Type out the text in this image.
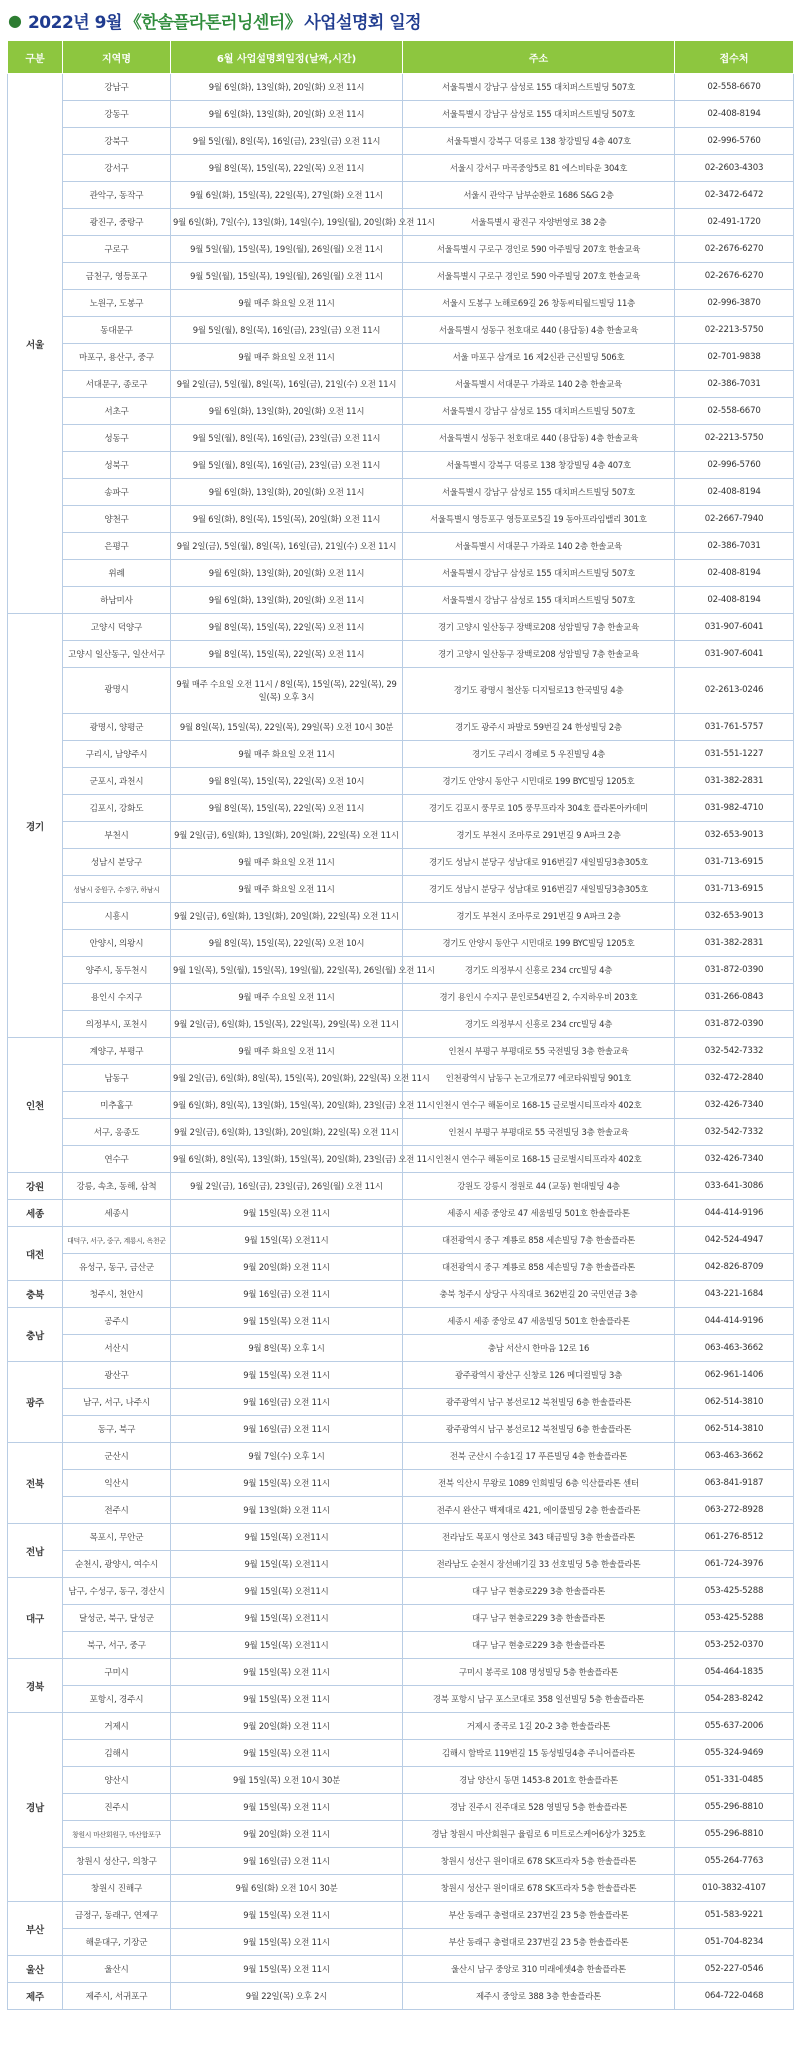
● 2022년 9월 《한솔플라톤러닝센터》 사업설명회 일정
구분	지역명	6월 사업설명회일정(날짜,시간)	주소	접수처
서울	강남구	9월 6일(화), 13일(화), 20일(화) 오전 11시	서울특별시 강남구 삼성로 155 대치퍼스트빌딩 507호	02-558-6670
	강동구	9월 6일(화), 13일(화), 20일(화) 오전 11시	서울특별시 강남구 삼성로 155 대치퍼스트빌딩 507호	02-408-8194
	강북구	9월 5일(월), 8일(목), 16일(금), 23일(금) 오전 11시	서울특별시 강북구 덕릉로 138 창강빌딩 4층 407호	02-996-5760
	강서구	9월 8일(목), 15일(목), 22일(목) 오전 11시	서울시 강서구 마곡중앙5로 81 에스비타운 304호	02-2603-4303
	관악구, 동작구	9월 6일(화), 15일(목), 22일(목), 27일(화) 오전 11시	서울시 관악구 남부순환로 1686 S&G 2층	02-3472-6472
	광진구, 중랑구	9월 6일(화), 7일(수), 13일(화), 14일(수), 19일(월), 20일(화) 오전 11시	서울특별시 광진구 자양번영로 38 2층	02-491-1720
	구로구	9월 5일(월), 15일(목), 19일(월), 26일(월) 오전 11시	서울특별시 구로구 경인로 590 아주빌딩 207호 한솔교육	02-2676-6270
	금천구, 영등포구	9월 5일(월), 15일(목), 19일(월), 26일(월) 오전 11시	서울특별시 구로구 경인로 590 아주빌딩 207호 한솔교육	02-2676-6270
	노원구, 도봉구	9월 매주 화요일 오전 11시	서울시 도봉구 노해로69길 26 창동씨티월드빌딩 11층	02-996-3870
	동대문구	9월 5일(월), 8일(목), 16일(금), 23일(금) 오전 11시	서울특별시 성동구 천호대로 440 (용답동) 4층 한솔교육	02-2213-5750
	마포구, 용산구, 중구	9월 매주 화요일 오전 11시	서울 마포구 삼개로 16 제2신관 근신빌딩 506호	02-701-9838
	서대문구, 종로구	9월 2일(금), 5일(월), 8일(목), 16일(금), 21일(수) 오전 11시	서울특별시 서대문구 가좌로 140 2층 한솔교육	02-386-7031
	서초구	9월 6일(화), 13일(화), 20일(화) 오전 11시	서울특별시 강남구 삼성로 155 대치퍼스트빌딩 507호	02-558-6670
	성동구	9월 5일(월), 8일(목), 16일(금), 23일(금) 오전 11시	서울특별시 성동구 천호대로 440 (용답동) 4층 한솔교육	02-2213-5750
	성북구	9월 5일(월), 8일(목), 16일(금), 23일(금) 오전 11시	서울특별시 강북구 덕릉로 138 창강빌딩 4층 407호	02-996-5760
	송파구	9월 6일(화), 13일(화), 20일(화) 오전 11시	서울특별시 강남구 삼성로 155 대치퍼스트빌딩 507호	02-408-8194
	양천구	9월 6일(화), 8일(목), 15일(목), 20일(화) 오전 11시	서울특별시 영등포구 영등포로5길 19 동아프라임밸리 301호	02-2667-7940
	은평구	9월 2일(금), 5일(월), 8일(목), 16일(금), 21일(수) 오전 11시	서울특별시 서대문구 가좌로 140 2층 한솔교육	02-386-7031
	위례	9월 6일(화), 13일(화), 20일(화) 오전 11시	서울특별시 강남구 삼성로 155 대치퍼스트빌딩 507호	02-408-8194
	하남미사	9월 6일(화), 13일(화), 20일(화) 오전 11시	서울특별시 강남구 삼성로 155 대치퍼스트빌딩 507호	02-408-8194
경기	고양시 덕양구	9월 8일(목), 15일(목), 22일(목) 오전 11시	경기 고양시 일산동구 장백로208 성암빌딩 7층 한솔교육	031-907-6041
	고양시 일산동구, 일산서구	9월 8일(목), 15일(목), 22일(목) 오전 11시	경기 고양시 일산동구 장백로208 성암빌딩 7층 한솔교육	031-907-6041
	광명시	9월 매주 수요일 오전 11시 / 8일(목), 15일(목), 22일(목), 29일(목) 오후 3시	경기도 광명시 철산동 디지털로13 한국빌딩 4층	02-2613-0246
	광명시, 양평군	9월 8일(목), 15일(목), 22일(목), 29일(목) 오전 10시 30분	경기도 광주시 파발로 59번길 24 한성빌딩 2층	031-761-5757
	구리시, 남양주시	9월 매주 화요일 오전 11시	경기도 구리시 경혜로 5 우진빌딩 4층	031-551-1227
	군포시, 과천시	9월 8일(목), 15일(목), 22일(목) 오전 10시	경기도 안양시 동안구 시민대로 199 BYC빌딩 1205호	031-382-2831
	김포시, 강화도	9월 8일(목), 15일(목), 22일(목) 오전 11시	경기도 김포시 풍무로 105 풍무프라자 304호 플라톤아카데미	031-982-4710
	부천시	9월 2일(금), 6일(화), 13일(화), 20일(화), 22일(목) 오전 11시	경기도 부천시 조마루로 291번길 9 A파크 2층	032-653-9013
	성남시 분당구	9월 매주 화요일 오전 11시	경기도 성남시 분당구 성남대로 916번길7 새일빌딩3층305호	031-713-6915
	성남시 중원구, 수정구, 하남시	9월 매주 화요일 오전 11시	경기도 성남시 분당구 성남대로 916번길7 새일빌딩3층305호	031-713-6915
	시흥시	9월 2일(금), 6일(화), 13일(화), 20일(화), 22일(목) 오전 11시	경기도 부천시 조마루로 291번길 9 A파크 2층	032-653-9013
	안양시, 의왕시	9월 8일(목), 15일(목), 22일(목) 오전 10시	경기도 안양시 동안구 시민대로 199 BYC빌딩 1205호	031-382-2831
	양주시, 동두천시	9월 1일(목), 5일(월), 15일(목), 19일(월), 22일(목), 26일(월) 오전 11시	경기도 의정부시 신흥로 234 crc빌딩 4층	031-872-0390
	용인시 수지구	9월 매주 수요일 오전 11시	경기 용인시 수지구 문인로54번길 2, 수지하우비 203호	031-266-0843
	의정부시, 포천시	9월 2일(금), 6일(화), 15일(목), 22일(목), 29일(목) 오전 11시	경기도 의정부시 신흥로 234 crc빌딩 4층	031-872-0390
인천	계양구, 부평구	9월 매주 화요일 오전 11시	인천시 부평구 부평대로 55 국전빌딩 3층 한솔교육	032-542-7332
	남동구	9월 2일(금), 6일(화), 8일(목), 15일(목), 20일(화), 22일(목) 오전 11시	인천광역시 남동구 논고개로77 에코타워빌딩 901호	032-472-2840
	미추홀구	9월 6일(화), 8일(목), 13일(화), 15일(목), 20일(화), 23일(금) 오전 11시	인천시 연수구 해돋이로 168-15 글로벌시티프라자 402호	032-426-7340
	서구, 옹종도	9월 2일(금), 6일(화), 13일(화), 20일(화), 22일(목) 오전 11시	인천시 부평구 부평대로 55 국전빌딩 3층 한솔교육	032-542-7332
	연수구	9월 6일(화), 8일(목), 13일(화), 15일(목), 20일(화), 23일(금) 오전 11시	인천시 연수구 해돋이로 168-15 글로벌시티프라자 402호	032-426-7340
강원	강릉, 속초, 동해, 삼척	9월 2일(금), 16일(금), 23일(금), 26일(월) 오전 11시	강원도 강릉시 정원로 44 (교동) 현대빌딩 4층	033-641-3086
세종	세종시	9월 15일(목) 오전 11시	세종시 세종 중앙로 47 세움빌딩 501호 한솔플라톤	044-414-9196
대전	대덕구, 서구, 중구, 계룡시, 옥천군	9월 15일(목) 오전11시	대전광역시 중구 계룡로 858 세손빌딩 7층 한솔플라톤	042-524-4947
	유성구, 동구, 금산군	9월 20일(화) 오전 11시	대전광역시 중구 계룡로 858 세손빌딩 7층 한솔플라톤	042-826-8709
충북	청주시, 천안시	9월 16일(금) 오전 11시	충북 청주시 상당구 사직대로 362번길 20 국민연금 3층	043-221-1684
충남	공주시	9월 15일(목) 오전 11시	세종시 세종 중앙로 47 세움빌딩 501호 한솔플라톤	044-414-9196
	서산시	9월 8일(목) 오후 1시	충남 서산시 한마음 12로 16	063-463-3662
광주	광산구	9월 15일(목) 오전 11시	광주광역시 광산구 신창로 126 메디컬빌딩 3층	062-961-1406
	남구, 서구, 나주시	9월 16일(금) 오전 11시	광주광역시 남구 봉선로12 북천빌딩 6층 한솔플라톤	062-514-3810
	동구, 북구	9월 16일(금) 오전 11시	광주광역시 남구 봉선로12 북천빌딩 6층 한솔플라톤	062-514-3810
전북	군산시	9월 7일(수) 오후 1시	전북 군산시 수송1길 17 푸른빌딩 4층 한솔플라톤	063-463-3662
	익산시	9월 15일(목) 오전 11시	전북 익산시 무왕로 1089 인희빌딩 6층 익산플라톤 센터	063-841-9187
	전주시	9월 13일(화) 오전 11시	전주시 완산구 백제대로 421, 에이풀빌딩 2층 한솔플라톤	063-272-8928
전남	목포시, 무안군	9월 15일(목) 오전11시	전라남도 목포시 영산로 343 태금빌딩 3층 한솔플라톤	061-276-8512
	순천시, 광양시, 여수시	9월 15일(목) 오전11시	전라남도 순천시 장선배기길 33 선호빌딩 5층 한솔플라톤	061-724-3976
대구	남구, 수성구, 동구, 경산시	9월 15일(목) 오전11시	대구 남구 현충로229 3층 한솔플라톤	053-425-5288
	달성군, 북구, 달성군	9월 15일(목) 오전11시	대구 남구 현충로229 3층 한솔플라톤	053-425-5288
	북구, 서구, 중구	9월 15일(목) 오전11시	대구 남구 현충로229 3층 한솔플라톤	053-252-0370
경북	구미시	9월 15일(목) 오전 11시	구미시 봉곡로 108 명성빌딩 5층 한솔플라톤	054-464-1835
	포항시, 경주시	9월 15일(목) 오전 11시	경북 포항시 남구 포스코대로 358 일선빌딩 5층 한솔플라톤	054-283-8242
경남	거제시	9월 20일(화) 오전 11시	거제시 중곡로 1길 20-2 3층 한솔플라톤	055-637-2006
	김해시	9월 15일(목) 오전 11시	김해시 함박로 119번길 15 동성빌딩4층 주니어플라톤	055-324-9469
	양산시	9월 15일(목) 오전 10시 30분	경남 양산시 동면 1453-8 201호 한솔플라톤	051-331-0485
	진주시	9월 15일(목) 오전 11시	경남 진주시 진주대로 528 영빌딩 5층 한솔플라톤	055-296-8810
	창원시 마산회원구, 마산합포구	9월 20일(화) 오전 11시	경남 창원시 마산회원구 율림로 6 미트로스케어6상가 325호	055-296-8810
	창원시 성산구, 의창구	9월 16일(금) 오전 11시	창원시 성산구 원이대로 678 SK프라자 5층 한솔플라톤	055-264-7763
	창원시 진해구	9월 6일(화) 오전 10시 30분	창원시 성산구 원이대로 678 SK프라자 5층 한솔플라톤	010-3832-4107
부산	금정구, 동래구, 연제구	9월 15일(목) 오전 11시	부산 동래구 충렬대로 237번길 23 5층 한솔플라톤	051-583-9221
	해운대구, 기장군	9월 15일(목) 오전 11시	부산 동래구 충렬대로 237번길 23 5층 한솔플라톤	051-704-8234
울산	울산시	9월 15일(목) 오전 11시	울산시 남구 중앙로 310 미래에셋4층 한솔플라톤	052-227-0546
제주	제주시, 서귀포구	9월 22일(목) 오후 2시	제주시 중앙로 388 3층 한솔플라톤	064-722-0468
